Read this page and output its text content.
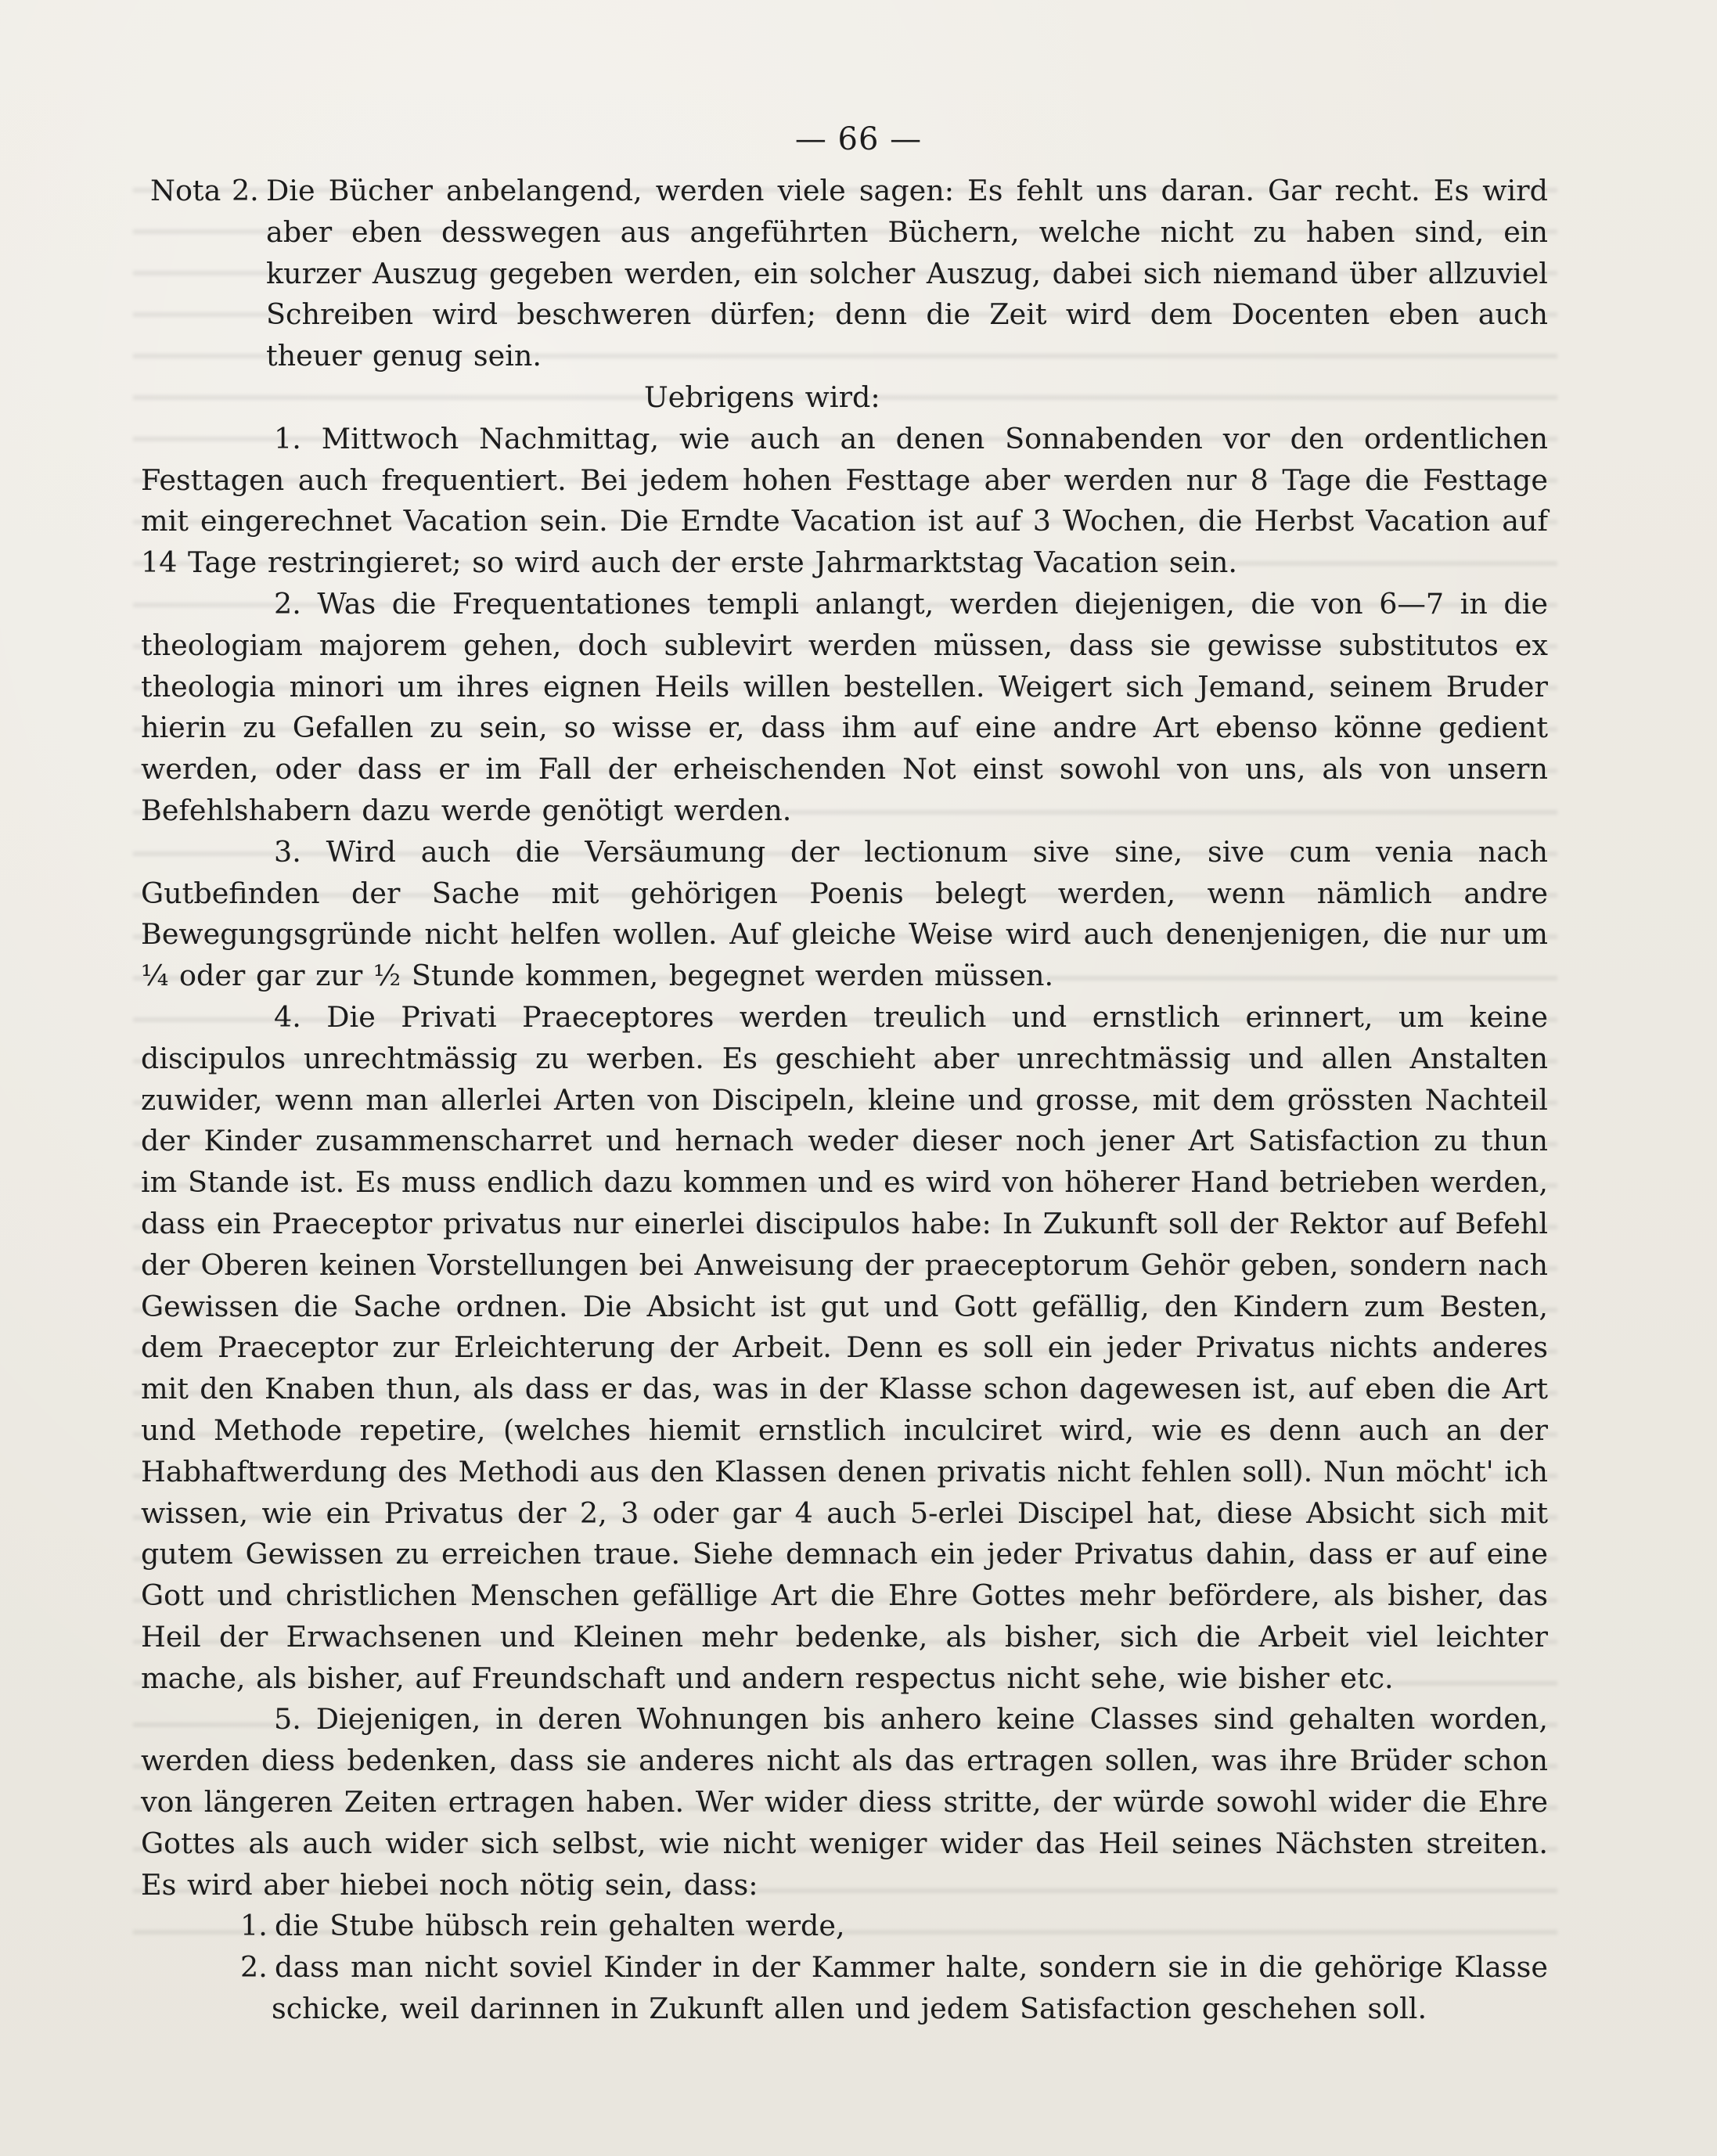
— 66 —
Nota 2. Die Bücher anbelangend, werden viele sagen: Es fehlt uns daran. Gar recht. Es wird aber eben desswegen aus angeführten Büchern, welche nicht zu haben sind, ein kurzer Auszug gegeben werden, ein solcher Auszug, dabei sich niemand über allzuviel Schreiben wird beschweren dürfen; denn die Zeit wird dem Docenten eben auch theuer genug sein.

Uebrigens wird:

1. Mittwoch Nachmittag, wie auch an denen Sonnabenden vor den ordentlichen Festtagen auch frequentiert. Bei jedem hohen Festtage aber werden nur 8 Tage die Festtage mit eingerechnet Vacation sein. Die Erndte Vacation ist auf 3 Wochen, die Herbst Vacation auf 14 Tage restringieret; so wird auch der erste Jahrmarktstag Vacation sein.

2. Was die Frequentationes templi anlangt, werden diejenigen, die von 6—7 in die theologiam majorem gehen, doch sublevirt werden müssen, dass sie gewisse substitutos ex theologia minori um ihres eignen Heils willen bestellen. Weigert sich Jemand, seinem Bruder hierin zu Gefallen zu sein, so wisse er, dass ihm auf eine andre Art ebenso könne gedient werden, oder dass er im Fall der erheischenden Not einst sowohl von uns, als von unsern Befehlshabern dazu werde genötigt werden.

3. Wird auch die Versäumung der lectionum sive sine, sive cum venia nach Gutbefinden der Sache mit gehörigen Poenis belegt werden, wenn nämlich andre Bewegungsgründe nicht helfen wollen. Auf gleiche Weise wird auch denenjenigen, die nur um ¼ oder gar zur ½ Stunde kommen, begegnet werden müssen.

4. Die Privati Praeceptores werden treulich und ernstlich erinnert, um keine discipulos unrechtmässig zu werben. Es geschieht aber unrechtmässig und allen Anstalten zuwider, wenn man allerlei Arten von Discipeln, kleine und grosse, mit dem grössten Nachteil der Kinder zusammenscharret und hernach weder dieser noch jener Art Satisfaction zu thun im Stande ist. Es muss endlich dazu kommen und es wird von höherer Hand betrieben werden, dass ein Praeceptor privatus nur einerlei discipulos habe: In Zukunft soll der Rektor auf Befehl der Oberen keinen Vorstellungen bei Anweisung der praeceptorum Gehör geben, sondern nach Gewissen die Sache ordnen. Die Absicht ist gut und Gott gefällig, den Kindern zum Besten, dem Praeceptor zur Erleichterung der Arbeit. Denn es soll ein jeder Privatus nichts anderes mit den Knaben thun, als dass er das, was in der Klasse schon dagewesen ist, auf eben die Art und Methode repetire, (welches hiemit ernstlich inculciret wird, wie es denn auch an der Habhaftwerdung des Methodi aus den Klassen denen privatis nicht fehlen soll). Nun möcht' ich wissen, wie ein Privatus der 2, 3 oder gar 4 auch 5-erlei Discipel hat, diese Absicht sich mit gutem Gewissen zu erreichen traue. Siehe demnach ein jeder Privatus dahin, dass er auf eine Gott und christlichen Menschen gefällige Art die Ehre Gottes mehr befördere, als bisher, das Heil der Erwachsenen und Kleinen mehr bedenke, als bisher, sich die Arbeit viel leichter mache, als bisher, auf Freundschaft und andern respectus nicht sehe, wie bisher etc.

5. Diejenigen, in deren Wohnungen bis anhero keine Classes sind gehalten worden, werden diess bedenken, dass sie anderes nicht als das ertragen sollen, was ihre Brüder schon von längeren Zeiten ertragen haben. Wer wider diess stritte, der würde sowohl wider die Ehre Gottes als auch wider sich selbst, wie nicht weniger wider das Heil seines Nächsten streiten. Es wird aber hiebei noch nötig sein, dass:

1. die Stube hübsch rein gehalten werde,

2. dass man nicht soviel Kinder in der Kammer halte, sondern sie in die gehörige Klasse schicke, weil darinnen in Zukunft allen und jedem Satisfaction geschehen soll.
